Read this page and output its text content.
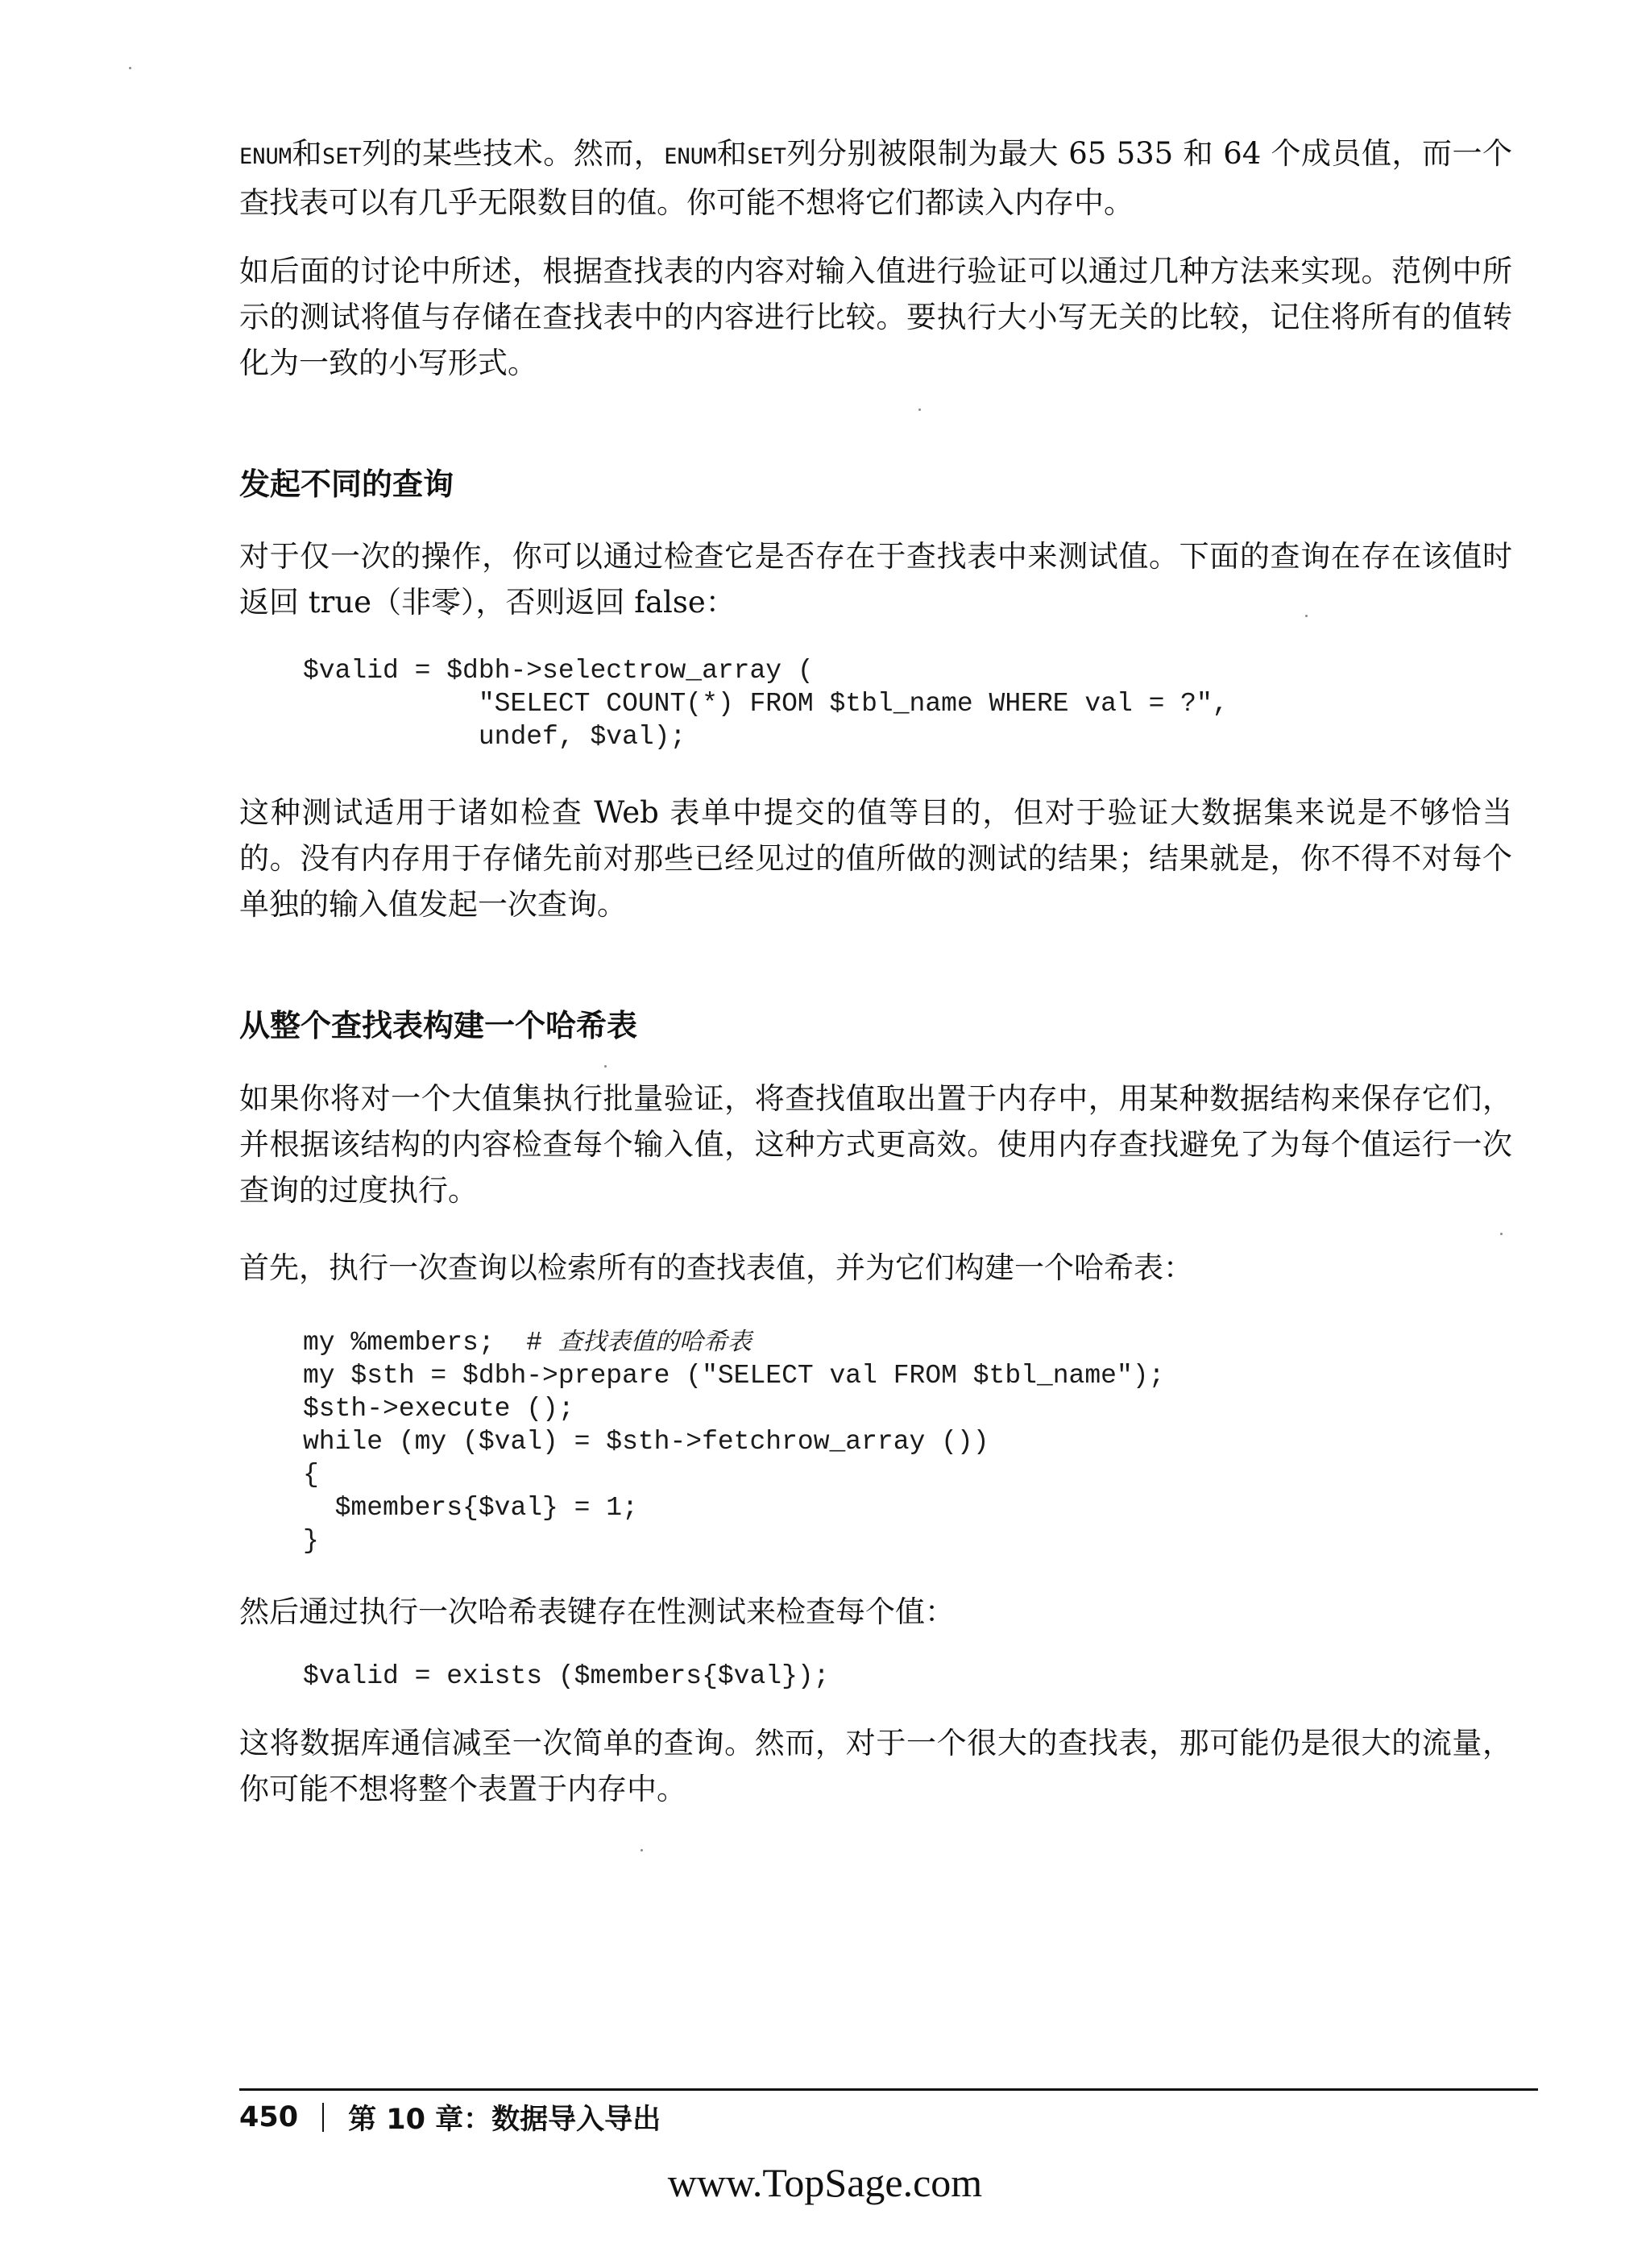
ENUM和SET列的某些技术。然而，ENUM和SET列分别被限制为最大 65 535 和 64 个成员值，而一个查找表可以有几乎无限数目的值。你可能不想将它们都读入内存中。

如后面的讨论中所述，根据查找表的内容对输入值进行验证可以通过几种方法来实现。范例中所示的测试将值与存储在查找表中的内容进行比较。要执行大小写无关的比较，记住将所有的值转化为一致的小写形式。

发起不同的查询

对于仅一次的操作，你可以通过检查它是否存在于查找表中来测试值。下面的查询在存在该值时返回 true（非零），否则返回 false：

$valid = $dbh->selectrow_array (
"SELECT COUNT(*) FROM $tbl_name WHERE val = ?",
undef, $val);

这种测试适用于诸如检查 Web 表单中提交的值等目的，但对于验证大数据集来说是不够恰当的。没有内存用于存储先前对那些已经见过的值所做的测试的结果；结果就是，你不得不对每个单独的输入值发起一次查询。

从整个查找表构建一个哈希表

如果你将对一个大值集执行批量验证，将查找值取出置于内存中，用某种数据结构来保存它们，并根据该结构的内容检查每个输入值，这种方式更高效。使用内存查找避免了为每个值运行一次查询的过度执行。

首先，执行一次查询以检索所有的查找表值，并为它们构建一个哈希表：

my %members;  # 查找表值的哈希表
my $sth = $dbh->prepare ("SELECT val FROM $tbl_name");
$sth->execute ();
while (my ($val) = $sth->fetchrow_array ())
{
$members{$val} = 1;
}

然后通过执行一次哈希表键存在性测试来检查每个值：

$valid = exists ($members{$val});

这将数据库通信减至一次简单的查询。然而，对于一个很大的查找表，那可能仍是很大的流量，你可能不想将整个表置于内存中。

450 第 10 章：数据导入导出
www.TopSage.com
